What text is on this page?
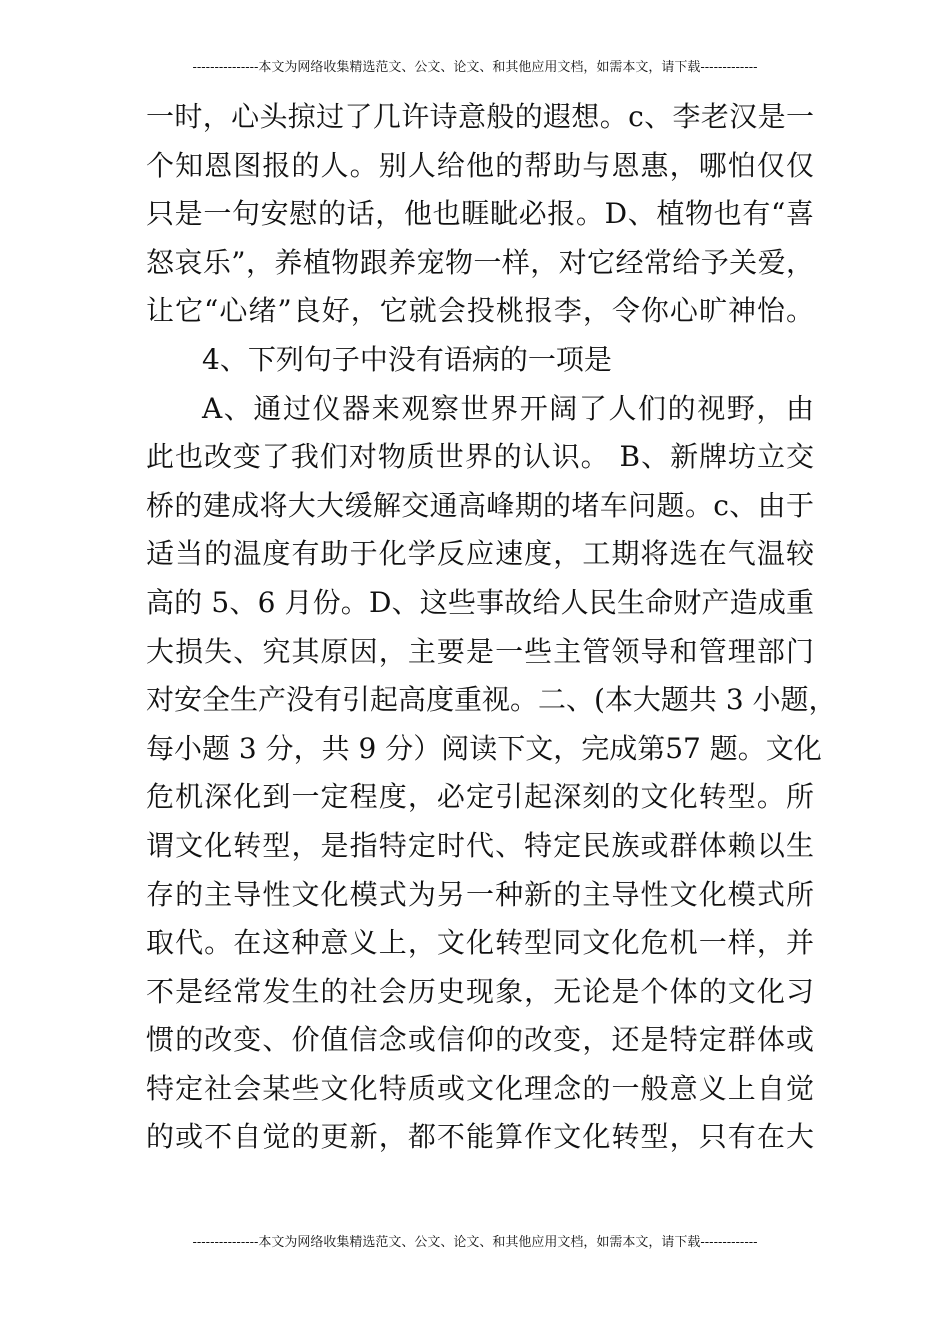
---------------本文为网络收集精选范文、公文、论文、和其他应用文档，如需本文，请下载-------------
一时，心头掠过了几许诗意般的遐想。c、李老汉是一
个知恩图报的人。别人给他的帮助与恩惠，哪怕仅仅
只是一句安慰的话，他也睚眦必报。D、植物也有“喜
怒哀乐”，养植物跟养宠物一样，对它经常给予关爱，
让它“心绪”良好，它就会投桃报李，令你心旷神怡。
4、下列句子中没有语病的一项是
A、通过仪器来观察世界开阔了人们的视野，由
此也改变了我们对物质世界的认识。 B、新牌坊立交
桥的建成将大大缓解交通高峰期的堵车问题。c、由于
适当的温度有助于化学反应速度，工期将选在气温较
高的 5、6 月份。D、这些事故给人民生命财产造成重
大损失、究其原因，主要是一些主管领导和管理部门
对安全生产没有引起高度重视。二、(本大题共 3 小题，
每小题 3 分，共 9 分）阅读下文，完成第57 题。文化
危机深化到一定程度，必定引起深刻的文化转型。所
谓文化转型，是指特定时代、特定民族或群体赖以生
存的主导性文化模式为另一种新的主导性文化模式所
取代。在这种意义上，文化转型同文化危机一样，并
不是经常发生的社会历史现象，无论是个体的文化习
惯的改变、价值信念或信仰的改变，还是特定群体或
特定社会某些文化特质或文化理念的一般意义上自觉
的或不自觉的更新，都不能算作文化转型，只有在大
---------------本文为网络收集精选范文、公文、论文、和其他应用文档，如需本文，请下载-------------
